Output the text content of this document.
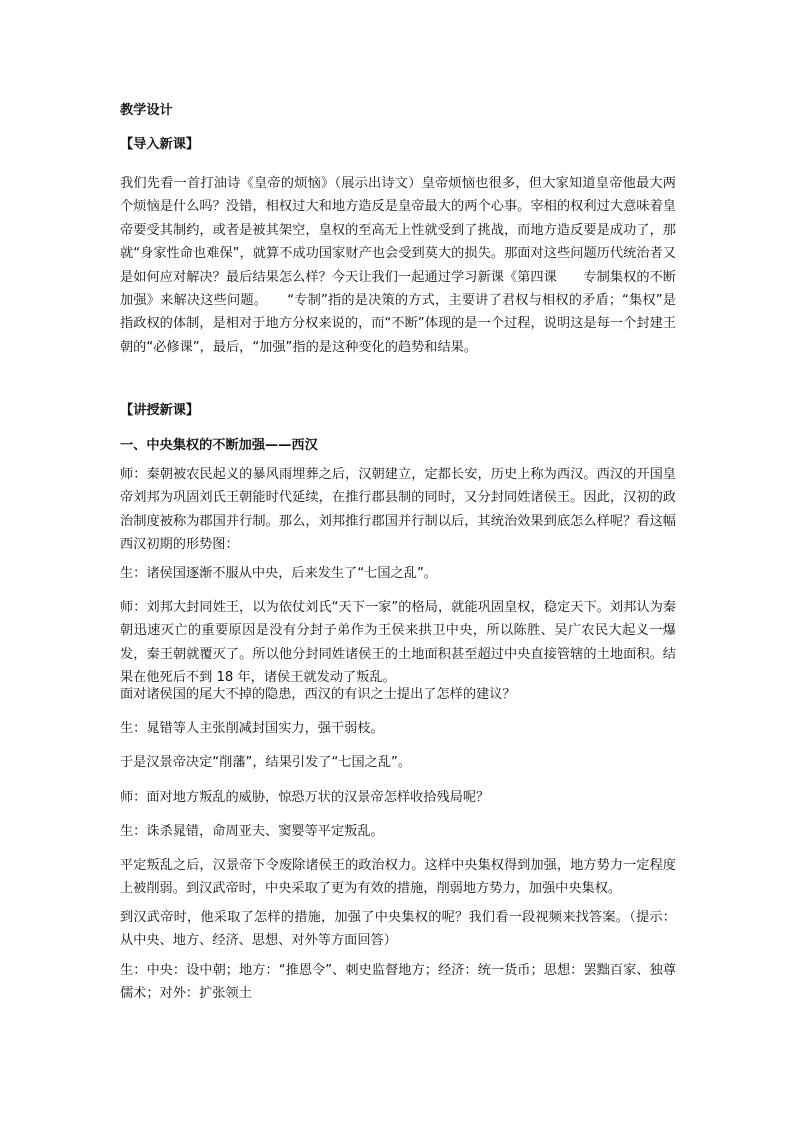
教学设计

【导入新课】

我们先看一首打油诗《皇帝的烦恼》（展示出诗文）皇帝烦恼也很多，但大家知道皇帝他最大两个烦恼是什么吗？没错，相权过大和地方造反是皇帝最大的两个心事。宰相的权利过大意味着皇帝要受其制约，或者是被其架空，皇权的至高无上性就受到了挑战，而地方造反要是成功了，那就“身家性命也难保”，就算不成功国家财产也会受到莫大的损失。那面对这些问题历代统治者又是如何应对解决？最后结果怎么样？今天让我们一起通过学习新课《第四课　　专制集权的不断加强》来解决这些问题。　　“专制”指的是决策的方式，主要讲了君权与相权的矛盾；“集权”是指政权的体制，是相对于地方分权来说的，而“不断”体现的是一个过程，说明这是每一个封建王朝的“必修课”，最后，“加强”指的是这种变化的趋势和结果。

【讲授新课】

一、中央集权的不断加强——西汉

师：秦朝被农民起义的暴风雨埋葬之后，汉朝建立，定都长安，历史上称为西汉。西汉的开国皇帝刘邦为巩固刘氏王朝能时代延续，在推行郡县制的同时，又分封同姓诸侯王。因此，汉初的政治制度被称为郡国并行制。那么，刘邦推行郡国并行制以后，其统治效果到底怎么样呢？看这幅西汉初期的形势图：

生：诸侯国逐渐不服从中央，后来发生了“七国之乱”。

师：刘邦大封同姓王，以为依仗刘氏“天下一家”的格局，就能巩固皇权，稳定天下。刘邦认为秦朝迅速灭亡的重要原因是没有分封子弟作为王侯来拱卫中央，所以陈胜、吴广农民大起义一爆发，秦王朝就覆灭了。所以他分封同姓诸侯王的土地面积甚至超过中央直接管辖的土地面积。结果在他死后不到 18 年，诸侯王就发动了叛乱。

面对诸侯国的尾大不掉的隐患，西汉的有识之士提出了怎样的建议？

生：晁错等人主张削减封国实力，强干弱枝。

于是汉景帝决定“削藩”，结果引发了“七国之乱”。

师：面对地方叛乱的威胁，惊恐万状的汉景帝怎样收拾残局呢？

生：诛杀晁错，命周亚夫、窦婴等平定叛乱。

平定叛乱之后，汉景帝下令废除诸侯王的政治权力。这样中央集权得到加强，地方势力一定程度上被削弱。到汉武帝时，中央采取了更为有效的措施，削弱地方势力，加强中央集权。

到汉武帝时，他采取了怎样的措施，加强了中央集权的呢？我们看一段视频来找答案。（提示：从中央、地方、经济、思想、对外等方面回答）

生：中央：设中朝；地方：“推恩令”、刺史监督地方；经济：统一货币；思想：罢黜百家、独尊儒术；对外：扩张领土
